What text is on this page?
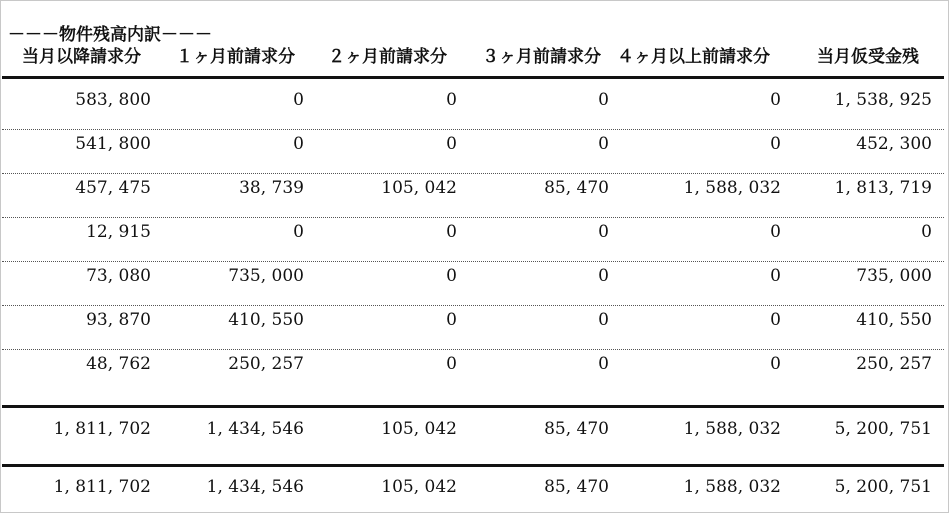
－－－物件残高内訳－－－
当月以降請求分 １ヶ月前請求分 ２ヶ月前請求分 ３ヶ月前請求分 ４ヶ月以上前請求分	当月仮受金残
583, 800	0	0	0	0	1, 538, 925
541, 800	0	0	0	0	452, 300
457, 475	38, 739	105, 042	85, 470	1, 588, 032	1, 813, 719
12, 915	0	0	0	0	0
73, 080	735, 000	0	0	0	735, 000
93, 870	410, 550	0	0	0	410, 550
48, 762	250, 257	0	0	0	250, 257
1, 811, 702	1, 434, 546	105, 042	85, 470	1, 588, 032	5, 200, 751
1, 811, 702	1, 434, 546	105, 042	85, 470	1, 588, 032	5, 200, 751
